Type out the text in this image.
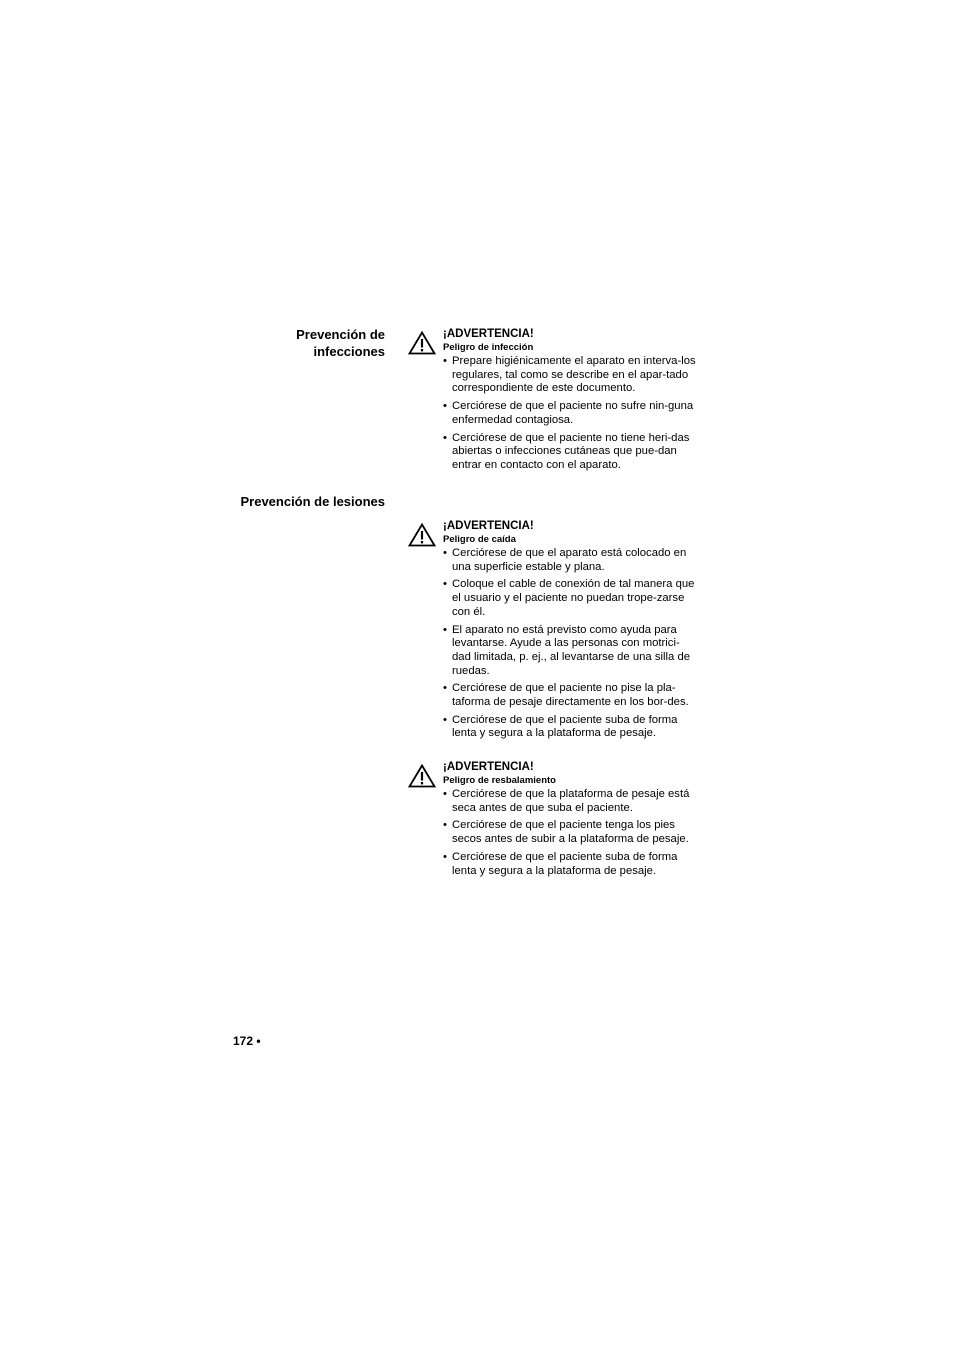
Prevención de
infecciones
¡ADVERTENCIA!
Peligro de infección
• Prepare higiénicamente el aparato en interva-los regulares, tal como se describe en el apar-tado correspondiente de este documento.
• Cerciórese de que el paciente no sufre nin-guna enfermedad contagiosa.
• Cerciórese de que el paciente no tiene heri-das abiertas o infecciones cutáneas que pue-dan entrar en contacto con el aparato.
Prevención de lesiones
¡ADVERTENCIA!
Peligro de caída
• Cerciórese de que el aparato está colocado en una superficie estable y plana.
• Coloque el cable de conexión de tal manera que el usuario y el paciente no puedan trope-zarse con él.
• El aparato no está previsto como ayuda para levantarse. Ayude a las personas con motrici-dad limitada, p. ej., al levantarse de una silla de ruedas.
• Cerciórese de que el paciente no pise la pla-taforma de pesaje directamente en los bor-des.
• Cerciórese de que el paciente suba de forma lenta y segura a la plataforma de pesaje.
¡ADVERTENCIA!
Peligro de resbalamiento
• Cerciórese de que la plataforma de pesaje está seca antes de que suba el paciente.
• Cerciórese de que el paciente tenga los pies secos antes de subir a la plataforma de pesaje.
• Cerciórese de que el paciente suba de forma lenta y segura a la plataforma de pesaje.
172 •
